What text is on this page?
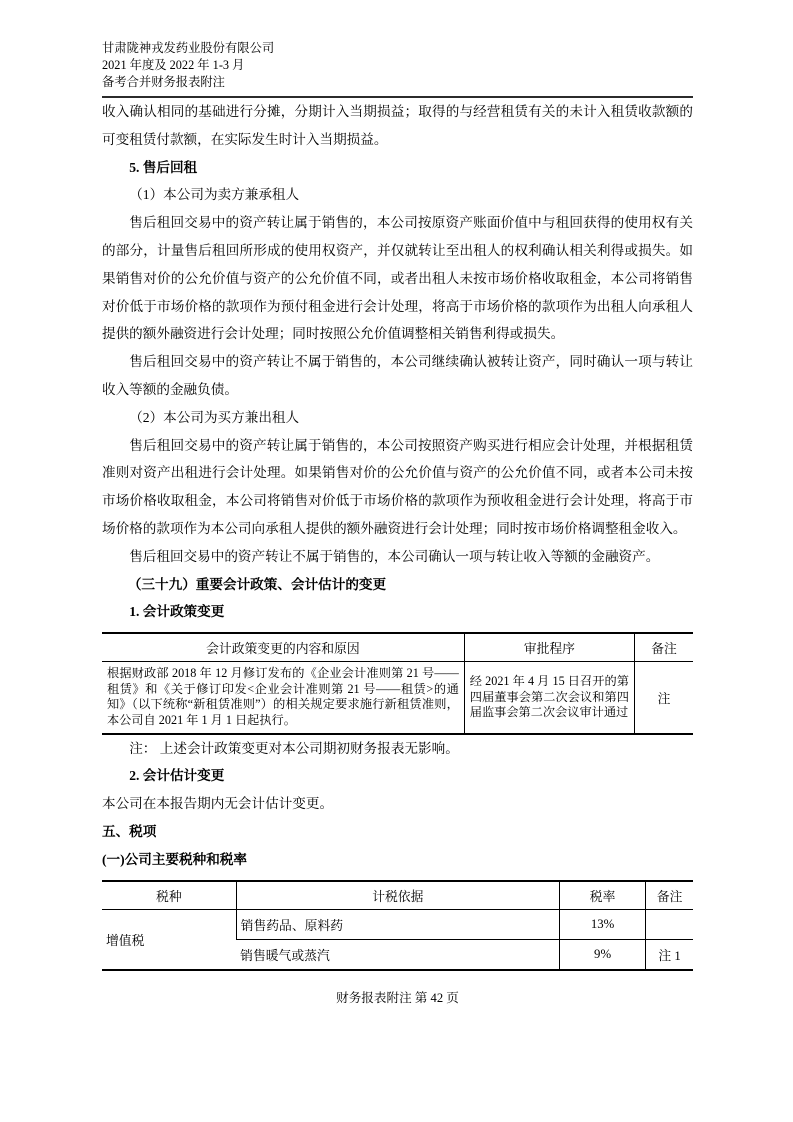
甘肃陇神戎发药业股份有限公司
2021 年度及 2022 年 1-3 月
备考合并财务报表附注

收入确认相同的基础进行分摊，分期计入当期损益；取得的与经营租赁有关的未计入租赁收款额的可变租赁付款额，在实际发生时计入当期损益。

5. 售后回租

（1）本公司为卖方兼承租人

售后租回交易中的资产转让属于销售的，本公司按原资产账面价值中与租回获得的使用权有关的部分，计量售后租回所形成的使用权资产，并仅就转让至出租人的权利确认相关利得或损失。如果销售对价的公允价值与资产的公允价值不同，或者出租人未按市场价格收取租金，本公司将销售对价低于市场价格的款项作为预付租金进行会计处理，将高于市场价格的款项作为出租人向承租人提供的额外融资进行会计处理；同时按照公允价值调整相关销售利得或损失。

售后租回交易中的资产转让不属于销售的，本公司继续确认被转让资产，同时确认一项与转让收入等额的金融负债。

（2）本公司为买方兼出租人

售后租回交易中的资产转让属于销售的，本公司按照资产购买进行相应会计处理，并根据租赁准则对资产出租进行会计处理。如果销售对价的公允价值与资产的公允价值不同，或者本公司未按市场价格收取租金，本公司将销售对价低于市场价格的款项作为预收租金进行会计处理，将高于市场价格的款项作为本公司向承租人提供的额外融资进行会计处理；同时按市场价格调整租金收入。

售后租回交易中的资产转让不属于销售的，本公司确认一项与转让收入等额的金融资产。

（三十九）重要会计政策、会计估计的变更

1. 会计政策变更

会计政策变更的内容和原因	审批程序	备注
根据财政部 2018 年 12 月修订发布的《企业会计准则第 21 号——租赁》和《关于修订印发<企业会计准则第 21 号——租赁>的通知》（以下统称“新租赁准则”）的相关规定要求施行新租赁准则，本公司自 2021 年 1 月 1 日起执行。	经 2021 年 4 月 15 日召开的第四届董事会第二次会议和第四届监事会第二次会议审计通过	注

注： 上述会计政策变更对本公司期初财务报表无影响。

2. 会计估计变更

本公司在本报告期内无会计估计变更。

五、税项

(一)公司主要税种和税率

税种	计税依据	税率	备注
增值税	销售药品、原料药	13%	
	销售暖气或蒸汽	9%	注 1
财务报表附注 第 42 页
